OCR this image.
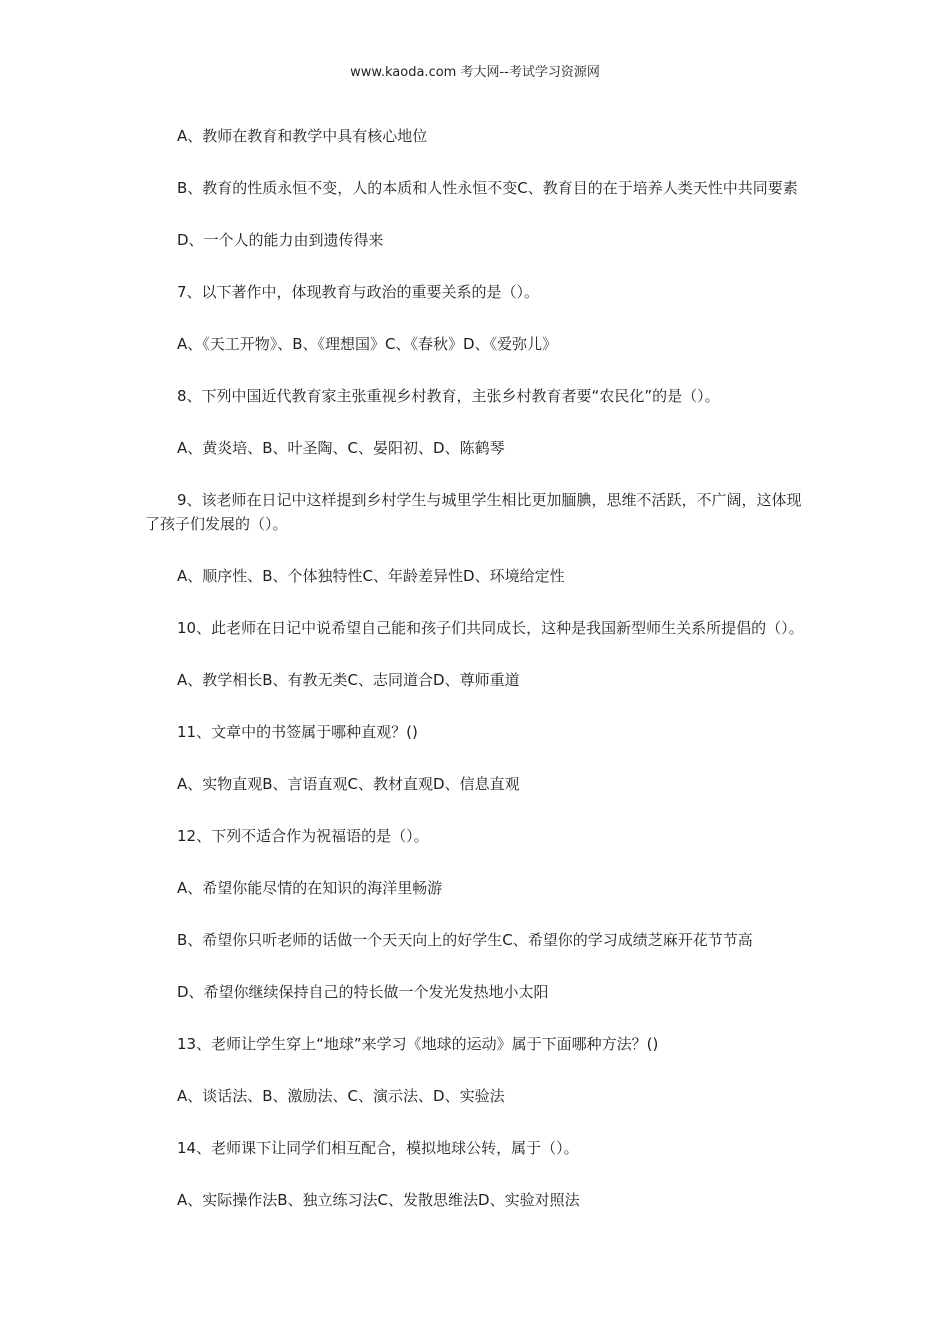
www.kaoda.com 考大网--考试学习资源网

A、教师在教育和教学中具有核心地位

B、教育的性质永恒不变，人的本质和人性永恒不变C、教育目的在于培养人类天性中共同要素

D、一个人的能力由到遗传得来

7、以下著作中，体现教育与政治的重要关系的是（）。

A、《天工开物》、B、《理想国》C、《春秋》D、《爱弥儿》

8、下列中国近代教育家主张重视乡村教育，主张乡村教育者要“农民化”的是（）。

A、黄炎培、B、叶圣陶、C、晏阳初、D、陈鹤琴

9、该老师在日记中这样提到乡村学生与城里学生相比更加腼腆，思维不活跃，不广阔，这体现了孩子们发展的（）。

A、顺序性、B、个体独特性C、年龄差异性D、环境给定性

10、此老师在日记中说希望自己能和孩子们共同成长，这种是我国新型师生关系所提倡的（）。

A、教学相长B、有教无类C、志同道合D、尊师重道

11、文章中的书签属于哪种直观？()

A、实物直观B、言语直观C、教材直观D、信息直观

12、下列不适合作为祝福语的是（）。

A、希望你能尽情的在知识的海洋里畅游

B、希望你只听老师的话做一个天天向上的好学生C、希望你的学习成绩芝麻开花节节高

D、希望你继续保持自己的特长做一个发光发热地小太阳

13、老师让学生穿上“地球”来学习《地球的运动》属于下面哪种方法？()

A、谈话法、B、激励法、C、演示法、D、实验法

14、老师课下让同学们相互配合，模拟地球公转，属于（）。

A、实际操作法B、独立练习法C、发散思维法D、实验对照法
